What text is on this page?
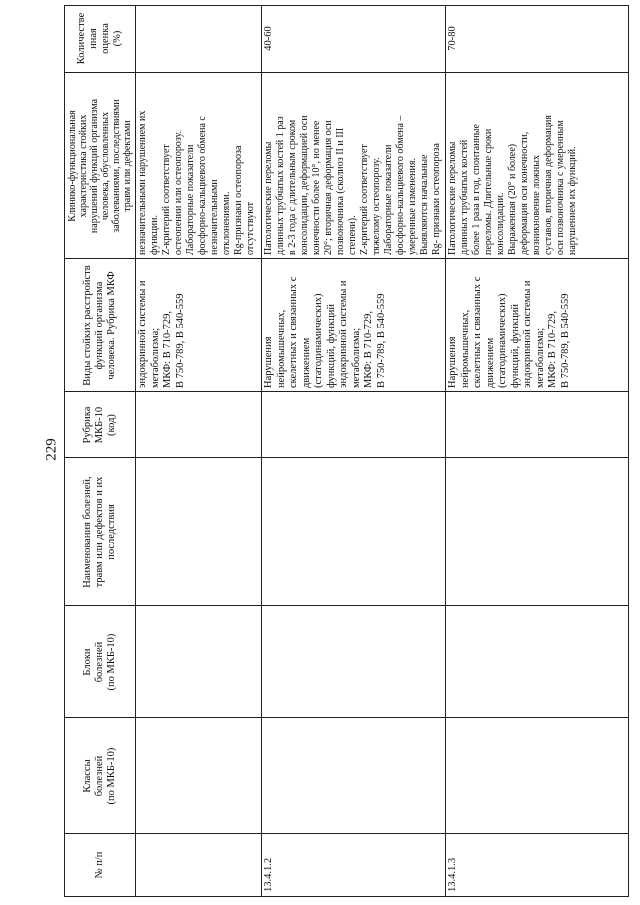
229
№ п/п
Классы
болезней
(по МКБ-10)
Блоки
болезней
(по МКБ-10)
Наименования болезней,
травм или дефектов и их
последствия
Рубрика
МКБ-10
(код)
Виды стойких расстройств
функций организма
человека. Рубрика МКФ
Клинико-функциональная
характеристика стойких
нарушений функций организма
человека, обусловленных
заболеваниями, последствиями
травм или дефектами
Количестве
нная
оценка
(%)
эндокринной системы и
метаболизма;
МКФ: В 710-729,
В 750-789, В 540-559
незначительными нарушением их
функции.
Z-критерий соответствует
остеопении или остеопорозу.
Лабораторные показатели
фосфорно-кальциевого обмена с
незначительными
отклонениями.
Rg-признаки остеопороза
отсутствуют
13.4.1.2
Нарушения
нейромышечных,
скелетных и связанных с
движением
(статодинамических)
функций, функций
эндокринной системы и
метаболизма;
МКФ: В 710-729,
В 750-789, В 540-559
Патологические переломы
длинных трубчатых костей 1 раз
в 2-3 года с длительным сроком
консолидации, деформацией оси
конечности более 10°, но менее
20°; вторичная деформация оси
позвоночника (сколиоз II и III
степени).
Z-критерий соответствует
тяжелому остеопорозу.
Лабораторные показатели
фосфорно-кальциевого обмена –
умеренные изменения.
Выявляются начальные
Rg- признаки остеопороза
40-60
13.4.1.3
Нарушения
нейромышечных,
скелетных и связанных с
движением
(статодинамических)
функций, функций
эндокринной системы и
метаболизма;
МКФ: В 710-729,
В 750-789, В 540-559
Патологические переломы
длинных трубчатых костей
более 1 раза в год, спонтанные
переломы. Длительные сроки
консолидации.
Выраженная (20° и более)
деформация оси конечности,
возникновение ложных
суставов, вторичная деформация
оси позвоночника с умеренным
нарушением их функций.
70-80
